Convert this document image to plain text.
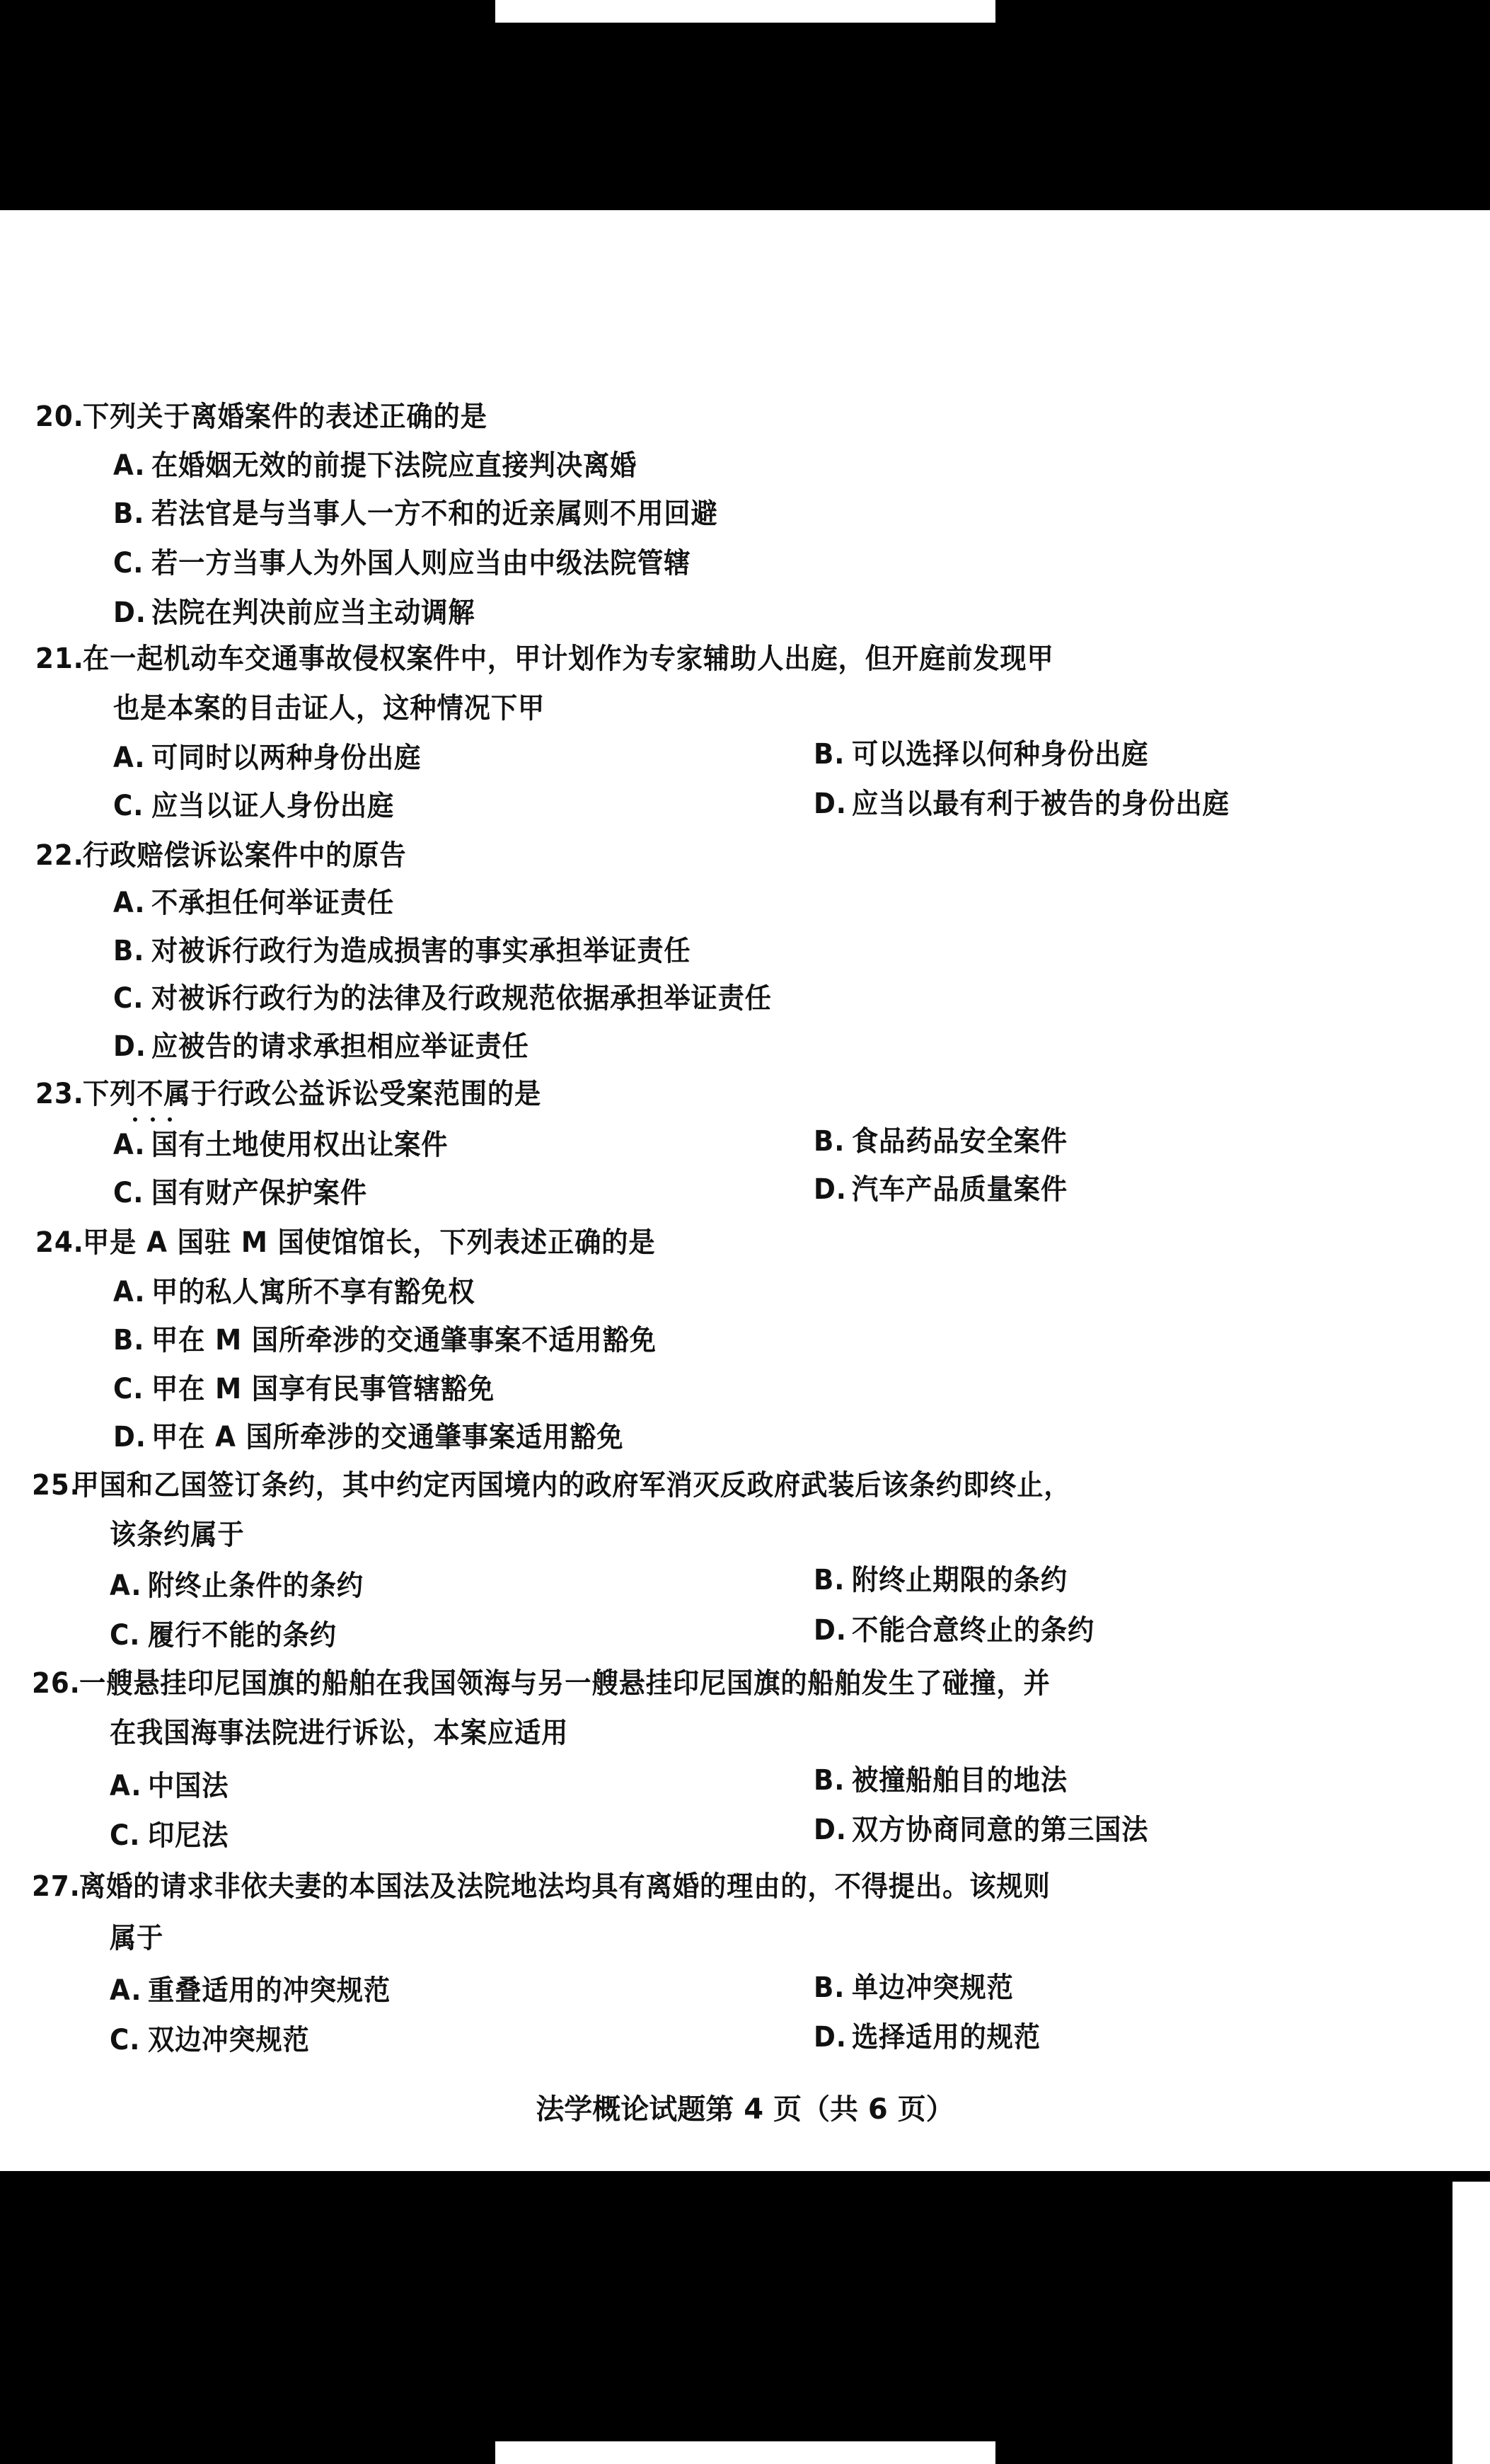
20.下列关于离婚案件的表述正确的是
A. 在婚姻无效的前提下法院应直接判决离婚
B. 若法官是与当事人一方不和的近亲属则不用回避
C. 若一方当事人为外国人则应当由中级法院管辖
D. 法院在判决前应当主动调解
21.在一起机动车交通事故侵权案件中，甲计划作为专家辅助人出庭，但开庭前发现甲
也是本案的目击证人，这种情况下甲
A. 可同时以两种身份出庭	B. 可以选择以何种身份出庭
C. 应当以证人身份出庭	D. 应当以最有利于被告的身份出庭
22.行政赔偿诉讼案件中的原告
A. 不承担任何举证责任
B. 对被诉行政行为造成损害的事实承担举证责任
C. 对被诉行政行为的法律及行政规范依据承担举证责任
D. 应被告的请求承担相应举证责任
23.下列不属于行政公益诉讼受案范围的是
A. 国有土地使用权出让案件	B. 食品药品安全案件
C. 国有财产保护案件	D. 汽车产品质量案件
24.甲是 A 国驻 M 国使馆馆长，下列表述正确的是
A. 甲的私人寓所不享有豁免权
B. 甲在 M 国所牵涉的交通肇事案不适用豁免
C. 甲在 M 国享有民事管辖豁免
D. 甲在 A 国所牵涉的交通肇事案适用豁免
25.甲国和乙国签订条约，其中约定丙国境内的政府军消灭反政府武装后该条约即终止，
该条约属于
A. 附终止条件的条约	B. 附终止期限的条约
C. 履行不能的条约	D. 不能合意终止的条约
26.一艘悬挂印尼国旗的船舶在我国领海与另一艘悬挂印尼国旗的船舶发生了碰撞，并
在我国海事法院进行诉讼，本案应适用
A. 中国法	B. 被撞船舶目的地法
C. 印尼法	D. 双方协商同意的第三国法
27.离婚的请求非依夫妻的本国法及法院地法均具有离婚的理由的，不得提出。该规则
属于
A. 重叠适用的冲突规范	B. 单边冲突规范
C. 双边冲突规范	D. 选择适用的规范
法学概论试题第 4 页（共 6 页）
